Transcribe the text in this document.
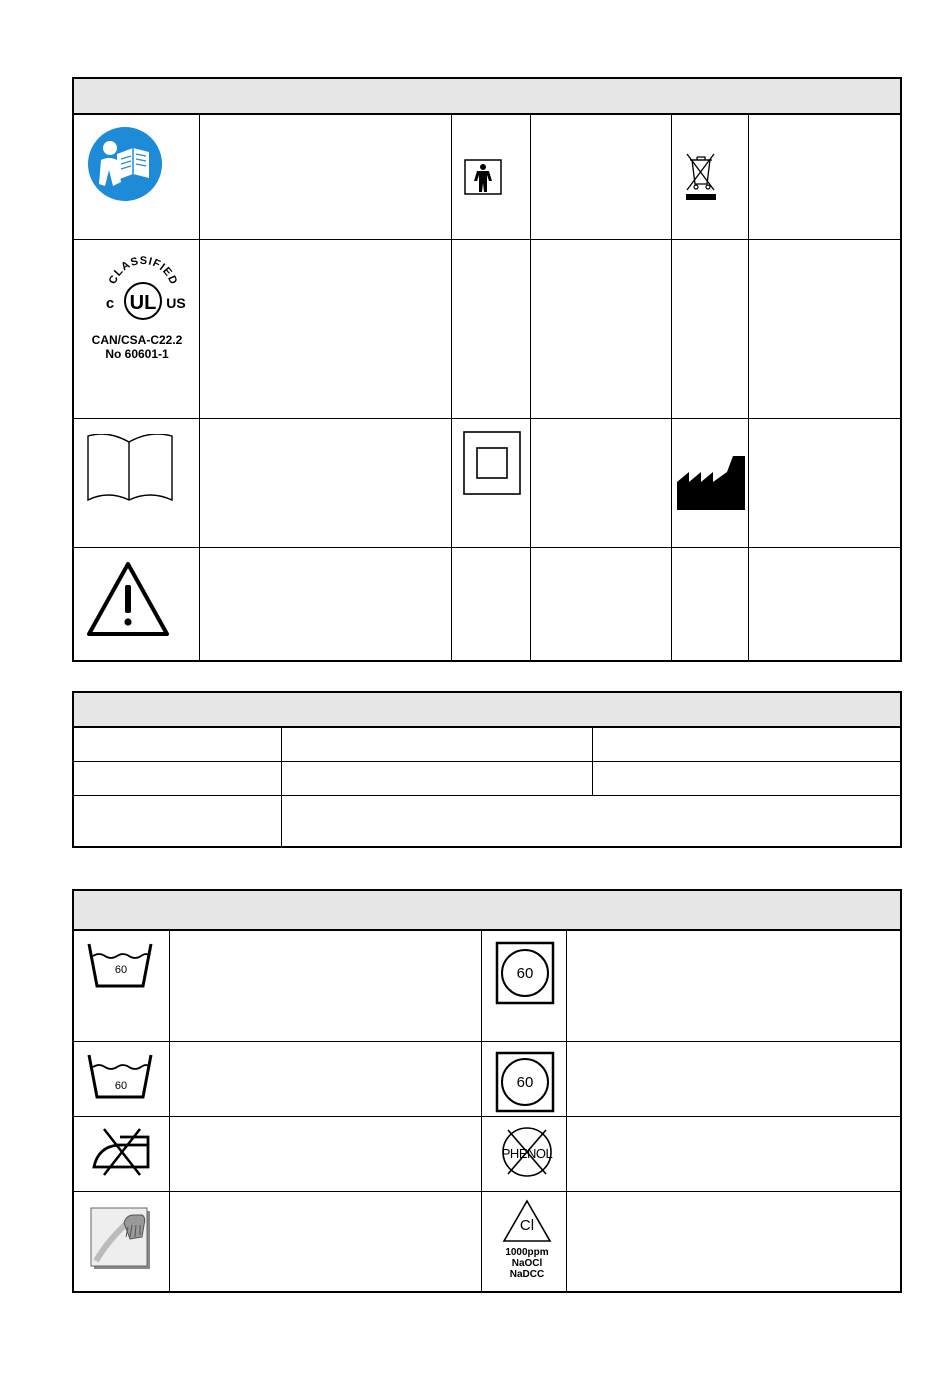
CLASSIFIED
UL
c	US
CAN/CSA-C22.2
No 60601-1
60	60
60	60
PHENOL
Cl
1000ppm
NaOCl
NaDCC
